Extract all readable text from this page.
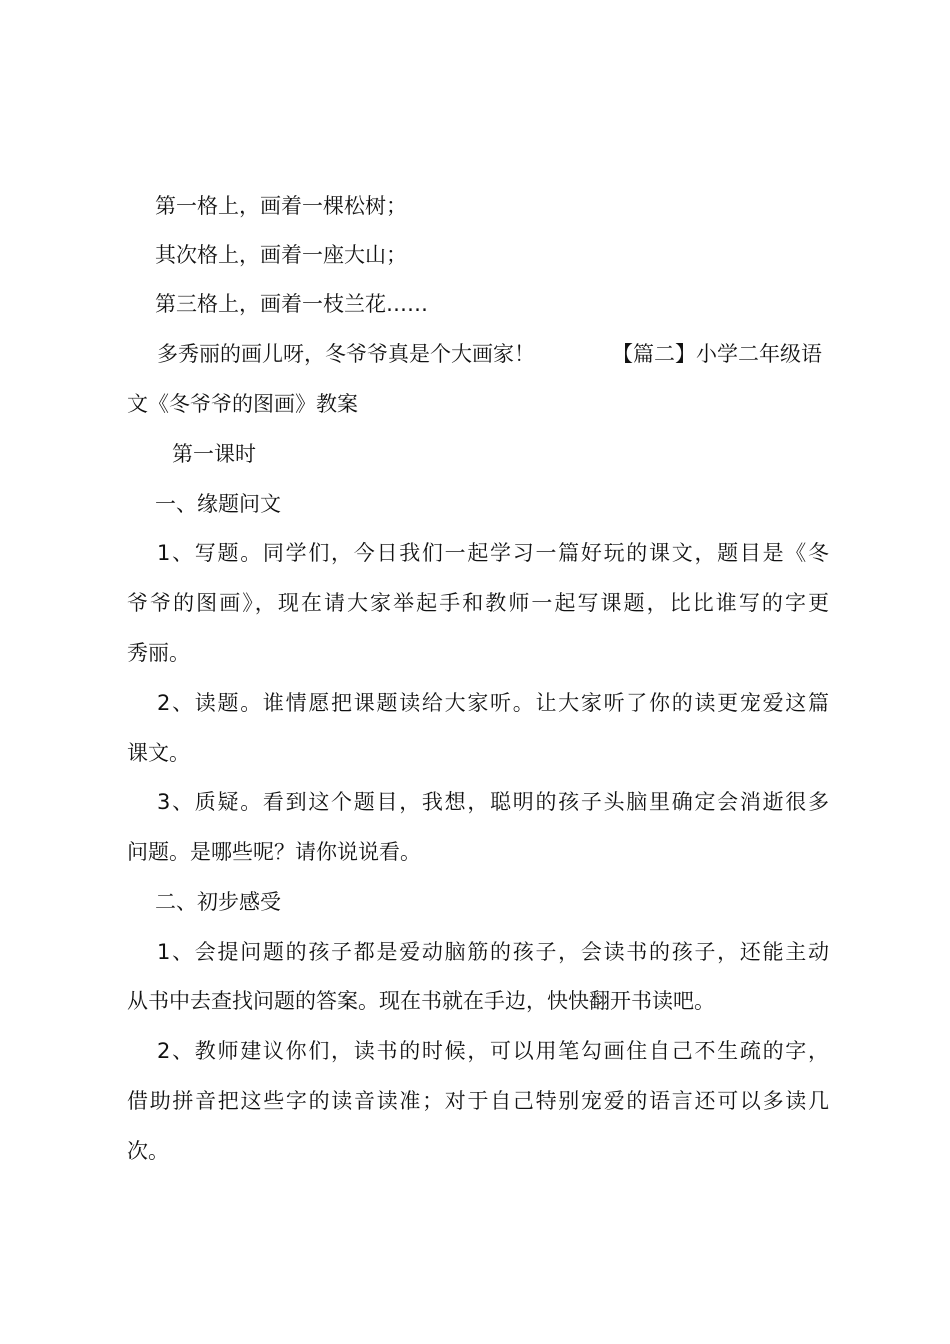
第一格上，画着一棵松树；
其次格上，画着一座大山；
第三格上，画着一枝兰花……
多秀丽的画儿呀，冬爷爷真是个大画家！	【篇二】小学二年级语
文《冬爷爷的图画》教案
第一课时
一、缘题问文
1、写题。同学们，今日我们一起学习一篇好玩的课文，题目是《冬
爷爷的图画》，现在请大家举起手和教师一起写课题，比比谁写的字更
秀丽。
2、读题。谁情愿把课题读给大家听。让大家听了你的读更宠爱这篇
课文。
3、质疑。看到这个题目，我想，聪明的孩子头脑里确定会消逝很多
问题。是哪些呢？请你说说看。
二、初步感受
1、会提问题的孩子都是爱动脑筋的孩子，会读书的孩子，还能主动
从书中去查找问题的答案。现在书就在手边，快快翻开书读吧。
2、教师建议你们，读书的时候，可以用笔勾画住自己不生疏的字，
借助拼音把这些字的读音读准；对于自己特别宠爱的语言还可以多读几
次。
